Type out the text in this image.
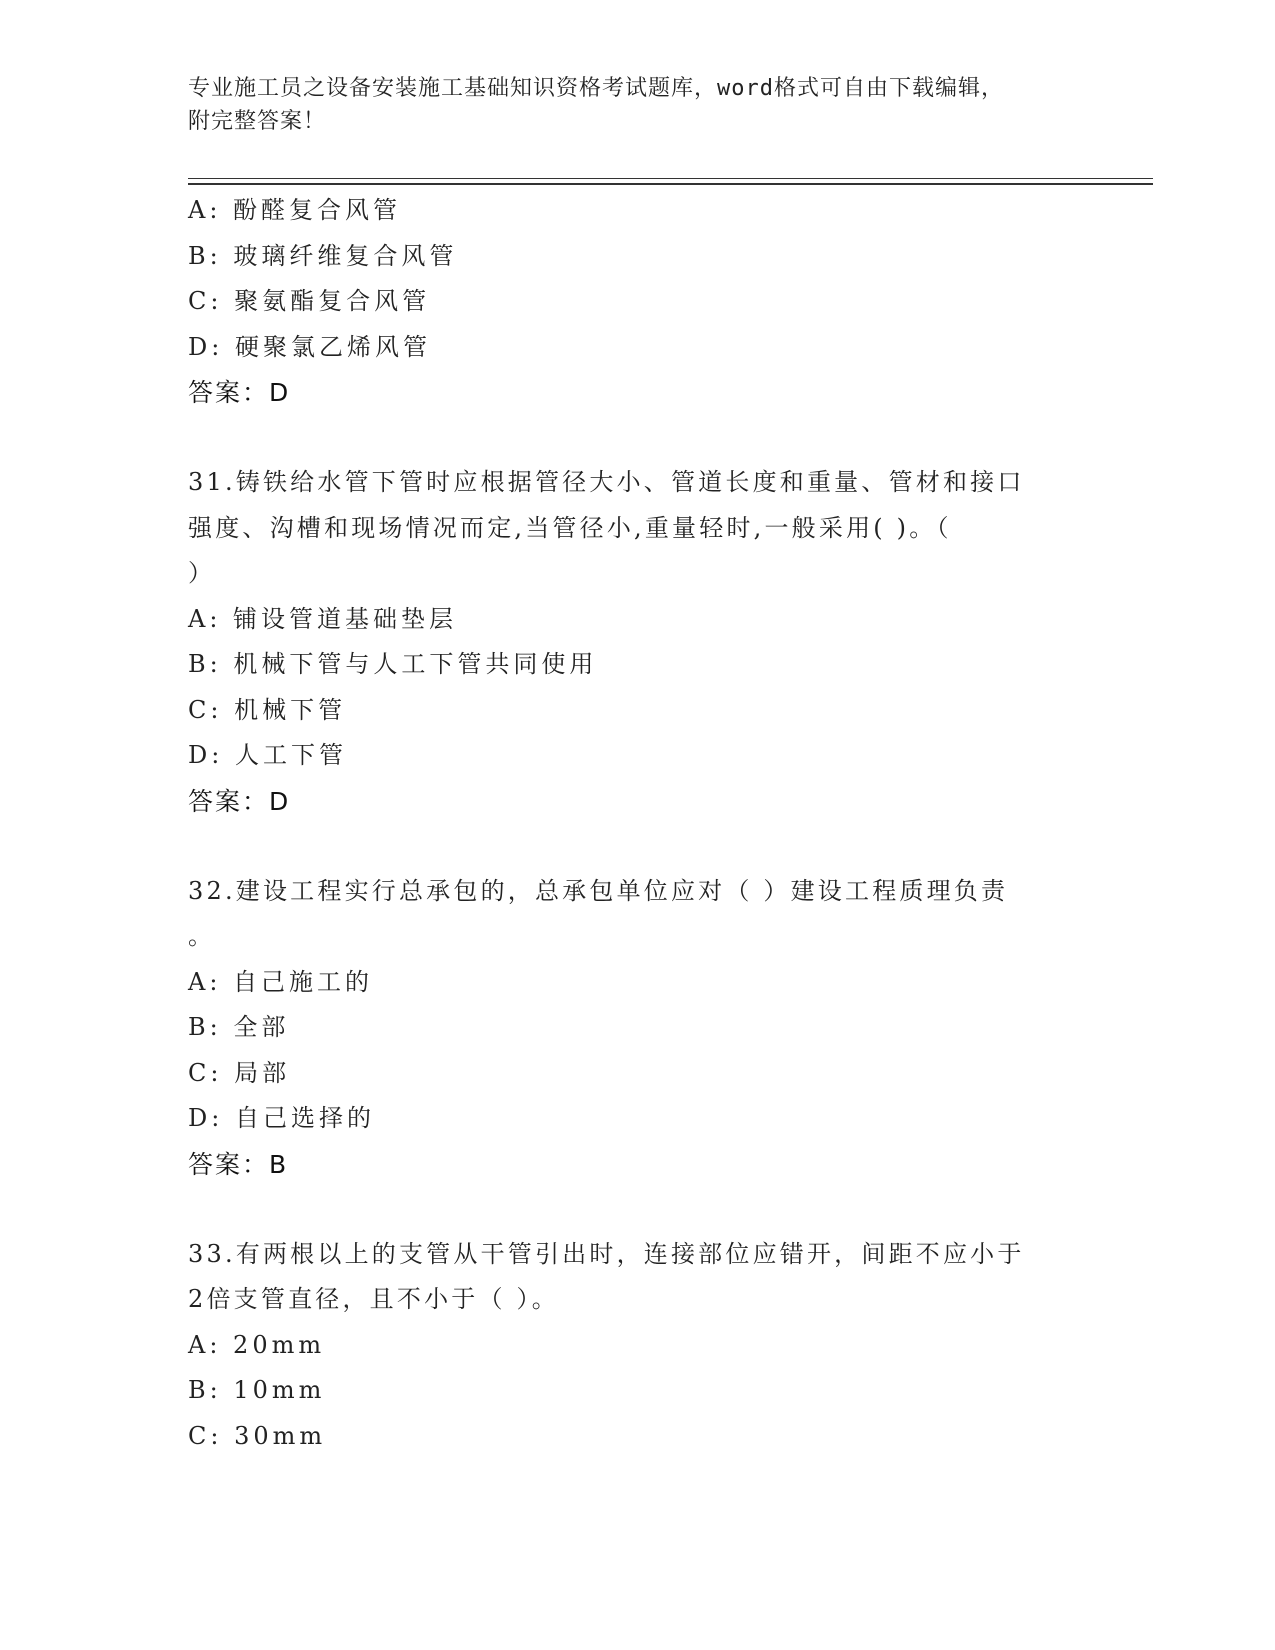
专业施工员之设备安装施工基础知识资格考试题库，word格式可自由下载编辑，
附完整答案！
A: 酚醛复合风管
B: 玻璃纤维复合风管
C: 聚氨酯复合风管
D: 硬聚氯乙烯风管
答案：D
31.铸铁给水管下管时应根据管径大小、管道长度和重量、管材和接口
强度、沟槽和现场情况而定,当管径小,重量轻时,一般采用( )。（
）
A: 铺设管道基础垫层
B: 机械下管与人工下管共同使用
C: 机械下管
D: 人工下管
答案：D
32.建设工程实行总承包的，总承包单位应对（ ）建设工程质理负责
。
A: 自己施工的
B: 全部
C: 局部
D: 自己选择的
答案：B
33.有两根以上的支管从干管引出时，连接部位应错开，间距不应小于
2倍支管直径，且不小于（ ）。
A: 20mm
B: 10mm
C: 30mm
